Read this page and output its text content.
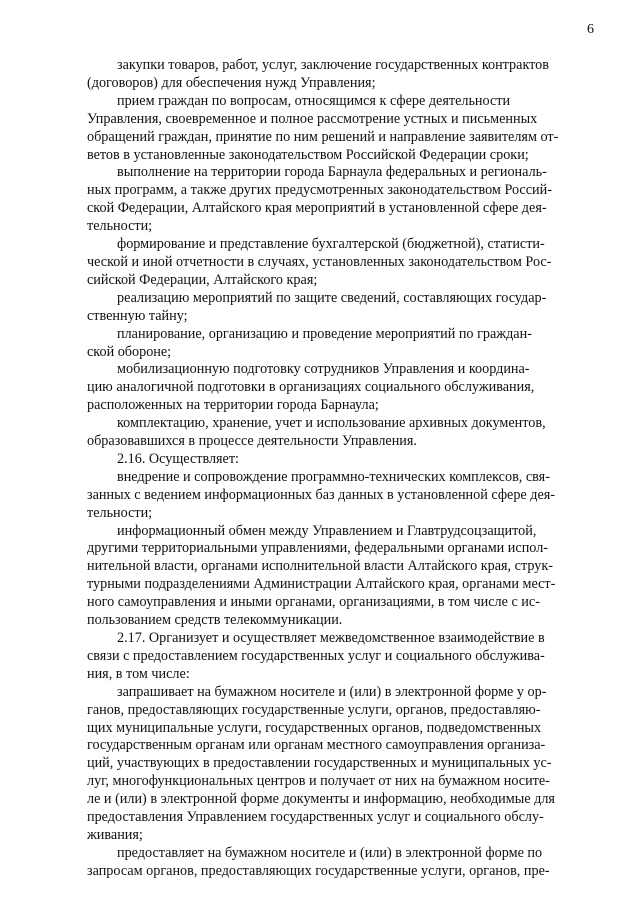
6
закупки товаров, работ, услуг, заключение государственных контрактов
(договоров) для обеспечения нужд Управления;
прием граждан по вопросам, относящимся к сфере деятельности
Управления, своевременное и полное рассмотрение устных и письменных
обращений граждан, принятие по ним решений и направление заявителям от-
ветов в установленные законодательством Российской Федерации сроки;
выполнение на территории города Барнаула федеральных и региональ-
ных программ, а также других предусмотренных законодательством Россий-
ской Федерации, Алтайского края мероприятий в установленной сфере дея-
тельности;
формирование и представление бухгалтерской (бюджетной), статисти-
ческой и иной отчетности в случаях, установленных законодательством Рос-
сийской Федерации, Алтайского края;
реализацию мероприятий по защите сведений, составляющих государ-
ственную тайну;
планирование, организацию и проведение мероприятий по граждан-
ской обороне;
мобилизационную подготовку сотрудников Управления и координа-
цию аналогичной подготовки в организациях социального обслуживания,
расположенных на территории города Барнаула;
комплектацию, хранение, учет и использование архивных документов,
образовавшихся в процессе деятельности Управления.
2.16. Осуществляет:
внедрение и сопровождение программно-технических комплексов, свя-
занных с ведением информационных баз данных в установленной сфере дея-
тельности;
информационный обмен между Управлением и Главтрудсоцзащитой,
другими территориальными управлениями, федеральными органами испол-
нительной власти, органами исполнительной власти Алтайского края, струк-
турными подразделениями Администрации Алтайского края, органами мест-
ного самоуправления и иными органами, организациями, в том числе с ис-
пользованием средств телекоммуникации.
2.17. Организует и осуществляет межведомственное взаимодействие в
связи с предоставлением государственных услуг и социального обслужива-
ния, в том числе:
запрашивает на бумажном носителе и (или) в электронной форме у ор-
ганов, предоставляющих государственные услуги, органов, предоставляю-
щих муниципальные услуги, государственных органов, подведомственных
государственным органам или органам местного самоуправления организа-
ций, участвующих в предоставлении государственных и муниципальных ус-
луг, многофункциональных центров и получает от них на бумажном носите-
ле и (или) в электронной форме документы и информацию, необходимые для
предоставления Управлением государственных услуг и социального обслу-
живания;
предоставляет на бумажном носителе и (или) в электронной форме по
запросам органов, предоставляющих государственные услуги, органов, пре-
